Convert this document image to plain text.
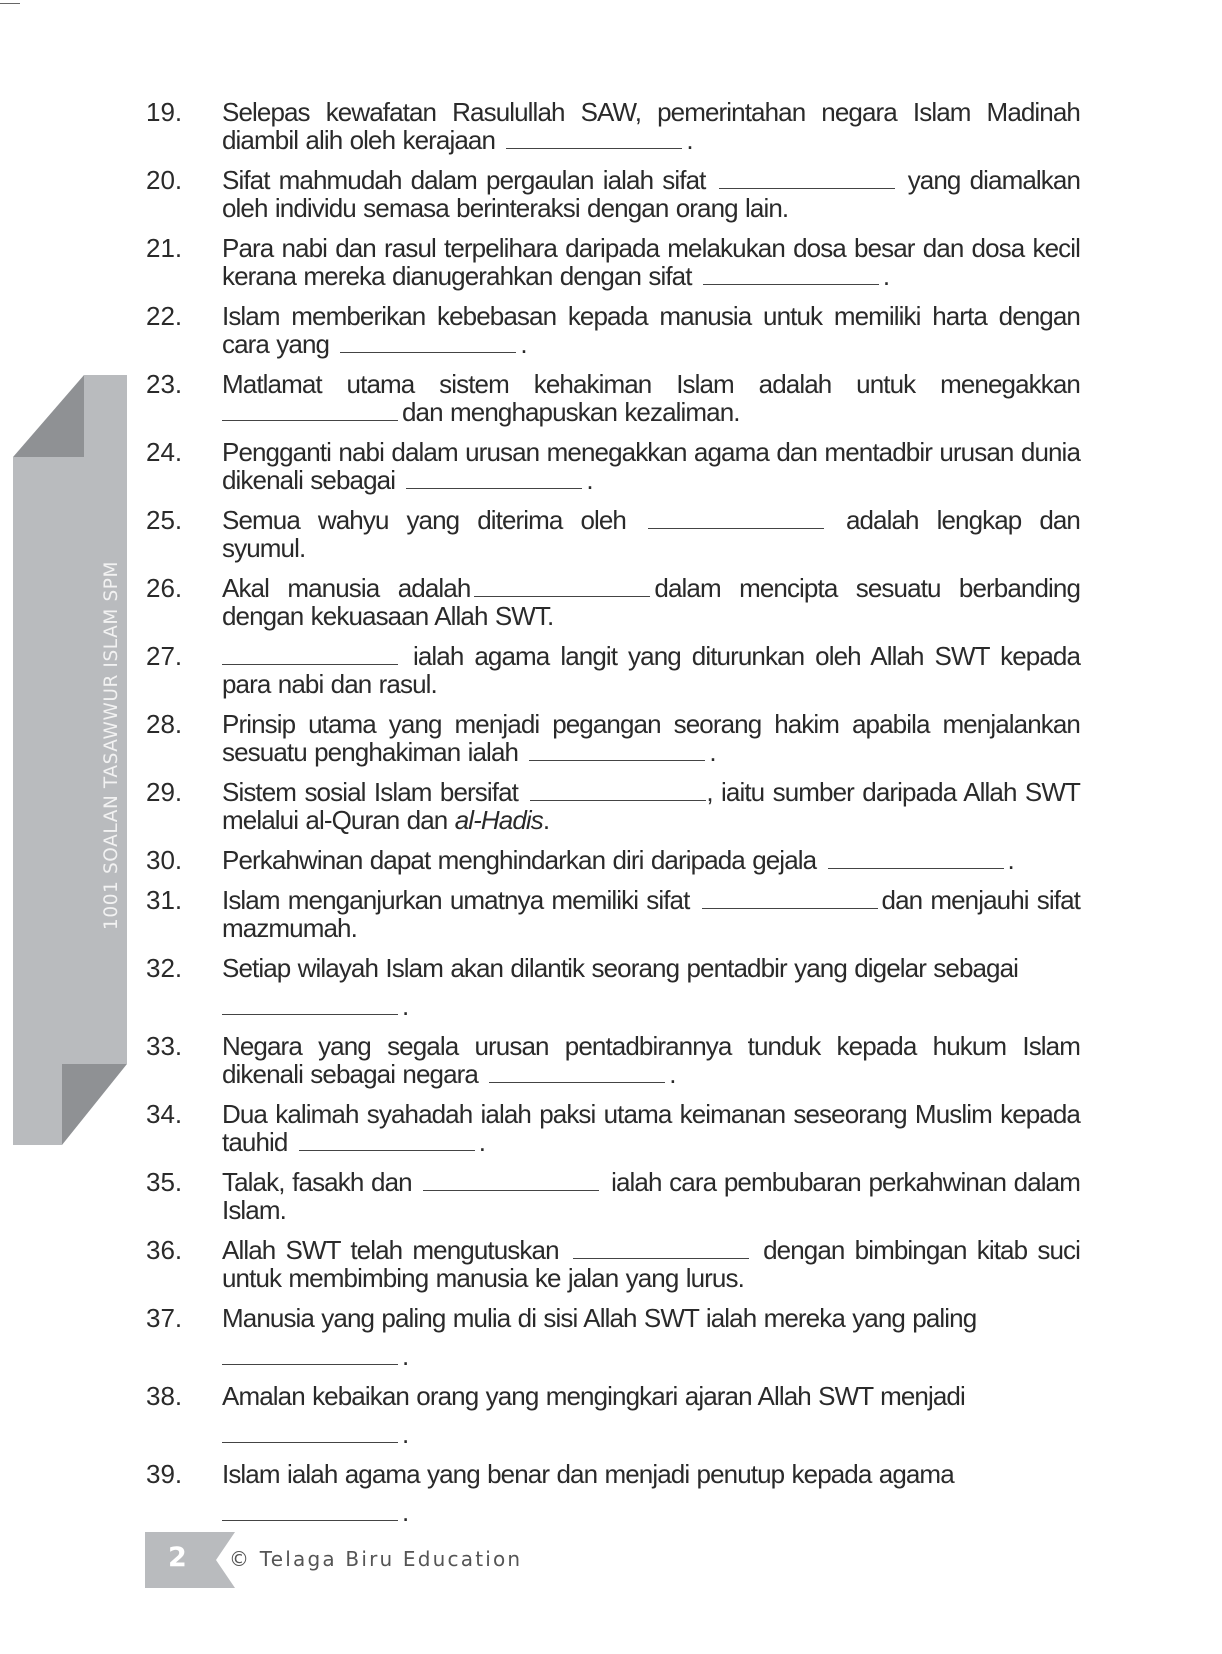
1001 SOALAN TASAWWUR ISLAM SPM
19.	Selepas kewafatan Rasulullah SAW, pemerintahan negara Islam Madinah diambil alih oleh kerajaan	.
20.	Sifat mahmudah dalam pergaulan ialah sifat	yang diamalkan oleh individu semasa berinteraksi dengan orang lain.
21.	Para nabi dan rasul terpelihara daripada melakukan dosa besar dan dosa kecil kerana mereka dianugerahkan dengan sifat	.
22.	Islam memberikan kebebasan kepada manusia untuk memiliki harta dengan cara yang	.
23.	Matlamat utama sistem kehakiman Islam adalah untuk menegakkan dan menghapuskan kezaliman.
24.	Pengganti nabi dalam urusan menegakkan agama dan mentadbir urusan dunia dikenali sebagai	.
25.	Semua wahyu yang diterima oleh	adalah lengkap dan syumul.
26.	Akal manusia adalah	dalam mencipta sesuatu berbanding dengan kekuasaan Allah SWT.
27.	ialah agama langit yang diturunkan oleh Allah SWT kepada para nabi dan rasul.
28.	Prinsip utama yang menjadi pegangan seorang hakim apabila menjalankan sesuatu penghakiman ialah	.
29.	Sistem sosial Islam bersifat	, iaitu sumber daripada Allah SWT melalui al-Quran dan al-Hadis.
30.	Perkahwinan dapat menghindarkan diri daripada gejala	.
31.	Islam menganjurkan umatnya memiliki sifat	dan menjauhi sifat mazmumah.
32.	Setiap wilayah Islam akan dilantik seorang pentadbir yang digelar sebagai
.
33.	Negara yang segala urusan pentadbirannya tunduk kepada hukum Islam dikenali sebagai negara	.
34.	Dua kalimah syahadah ialah paksi utama keimanan seseorang Muslim kepada tauhid	.
35.	Talak, fasakh dan	ialah cara pembubaran perkahwinan dalam Islam.
36.	Allah SWT telah mengutuskan	dengan bimbingan kitab suci untuk membimbing manusia ke jalan yang lurus.
37.	Manusia yang paling mulia di sisi Allah SWT ialah mereka yang paling
.
38.	Amalan kebaikan orang yang mengingkari ajaran Allah SWT menjadi
.
39.	Islam ialah agama yang benar dan menjadi penutup kepada agama
.
2 © Telaga Biru Education
